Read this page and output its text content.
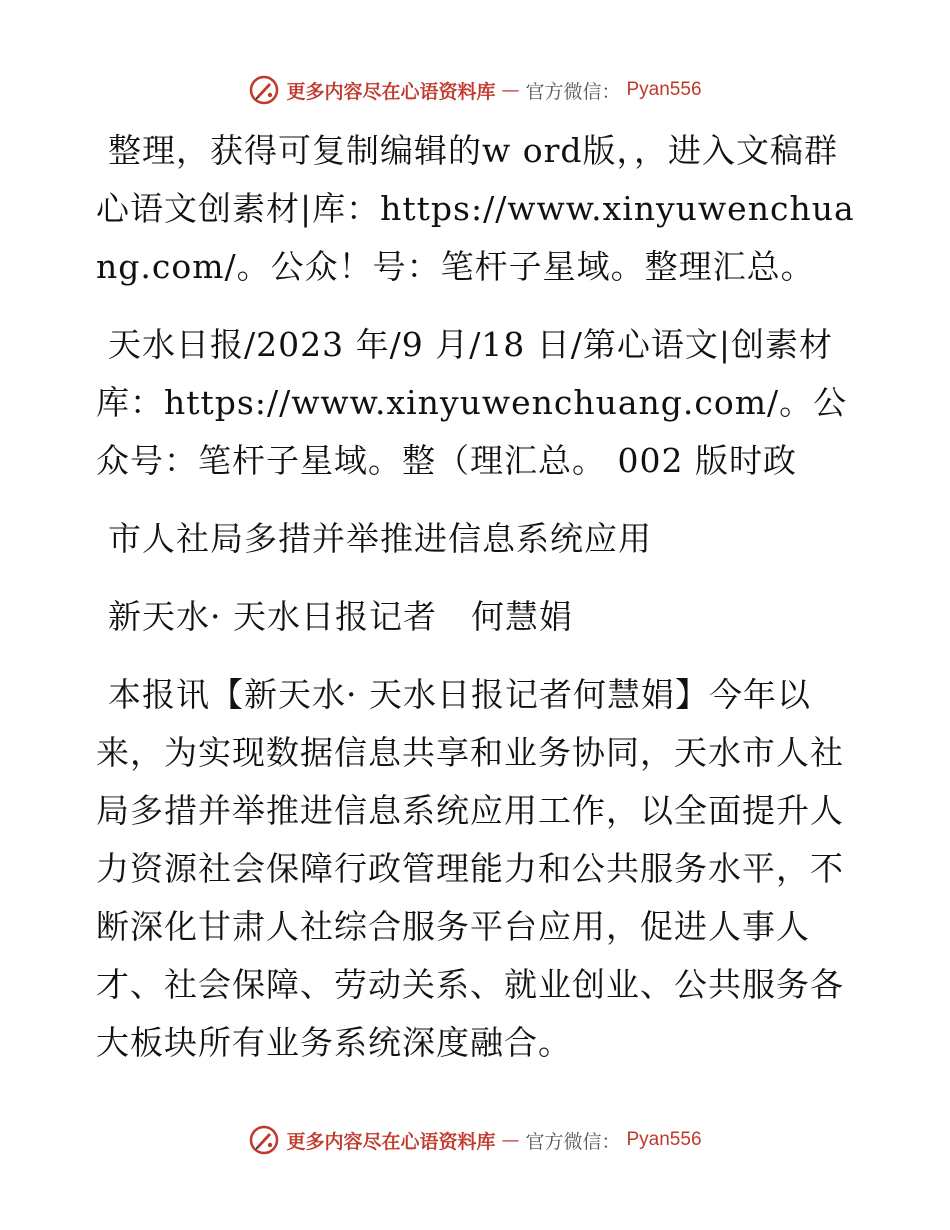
更多内容尽在心语资料库 — 官方微信： Pyan556

整理，获得可复制编辑的w ord版，，进入文稿群心语文创素材|库：https://www.xinyuwenchuang.com/。公众！号：笔杆子星域。整理汇总。

天水日报/2023 年/9 月/18 日/第心语文|创素材库：https://www.xinyuwenchuang.com/。公众号：笔杆子星域。整（理汇总。 002 版时政

市人社局多措并举推进信息系统应用

新天水· 天水日报记者　何慧娟

本报讯【新天水· 天水日报记者何慧娟】今年以来，为实现数据信息共享和业务协同，天水市人社局多措并举推进信息系统应用工作，以全面提升人力资源社会保障行政管理能力和公共服务水平，不断深化甘肃人社综合服务平台应用，促进人事人才、社会保障、劳动关系、就业创业、公共服务各大板块所有业务系统深度融合。

更多内容尽在心语资料库 — 官方微信： Pyan556
